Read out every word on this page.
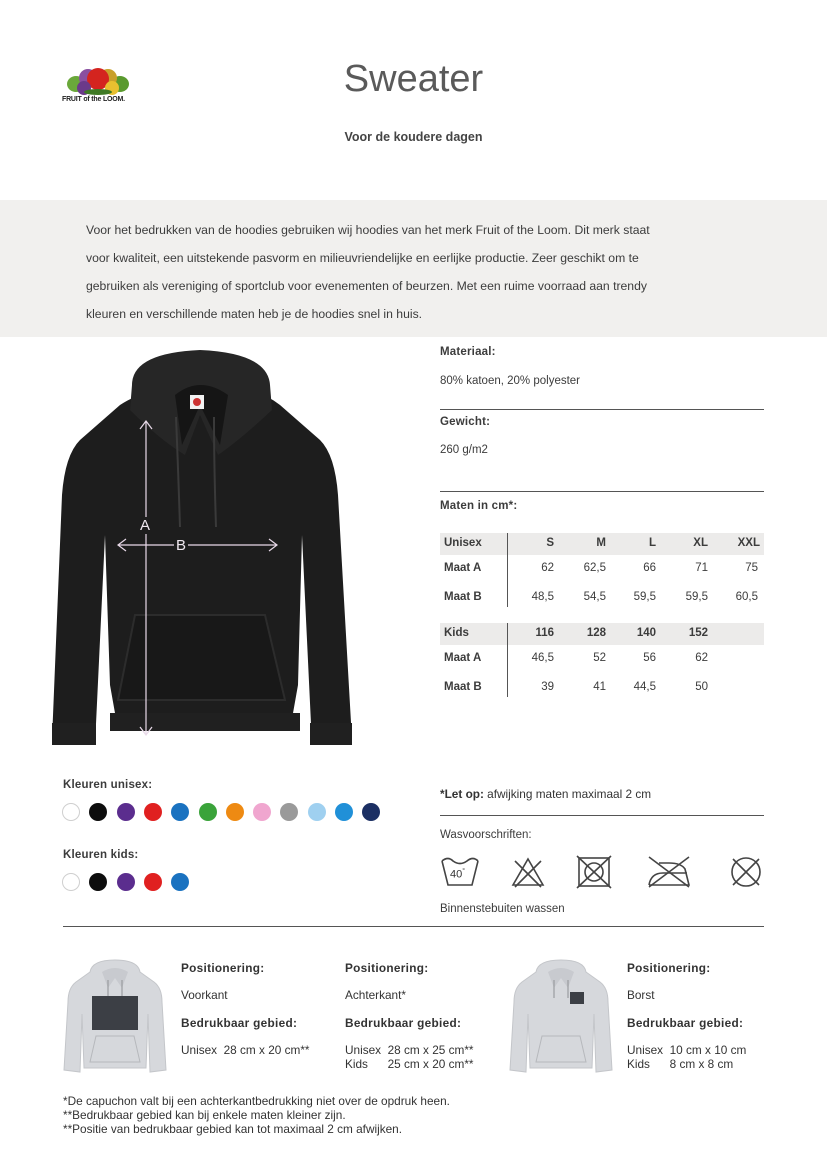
FRUIT of the LOOM.	Sweater
Voor de koudere dagen
Voor het bedrukken van de hoodies gebruiken wij hoodies van het merk Fruit of the Loom. Dit merk staat
voor kwaliteit, een uitstekende pasvorm en milieuvriendelijke en eerlijke productie. Zeer geschikt om te
gebruiken als vereniging of sportclub voor evenementen of beurzen. Met een ruime voorraad aan trendy
kleuren en verschillende maten heb je de hoodies snel in huis.
A
B
Materiaal:
80% katoen, 20% polyester
Gewicht:
260 g/m2
Maten in cm*:
Unisex	S	M	L	XL	XXL
Maat A	62	62,5	66	71	75
Maat B	48,5	54,5	59,5	59,5	60,5
Kids	116	128	140	152
Maat A	46,5	52	56	62
Maat B	39	41	44,5	50
Kleuren unisex:
Kleuren kids:
*Let op: afwijking maten maximaal 2 cm
Wasvoorschriften:
40°
Binnenstebuiten wassen
Positionering:
Voorkant
Bedrukbaar gebied:
Unisex  28 cm x 20 cm**
Positionering:
Achterkant*
Bedrukbaar gebied:
Unisex  28 cm x 25 cm**
Kids      25 cm x 20 cm**
Positionering:
Borst
Bedrukbaar gebied:
Unisex  10 cm x 10 cm
Kids      8 cm x 8 cm
*De capuchon valt bij een achterkantbedrukking niet over de opdruk heen.
**Bedrukbaar gebied kan bij enkele maten kleiner zijn.
**Positie van bedrukbaar gebied kan tot maximaal 2 cm afwijken.
